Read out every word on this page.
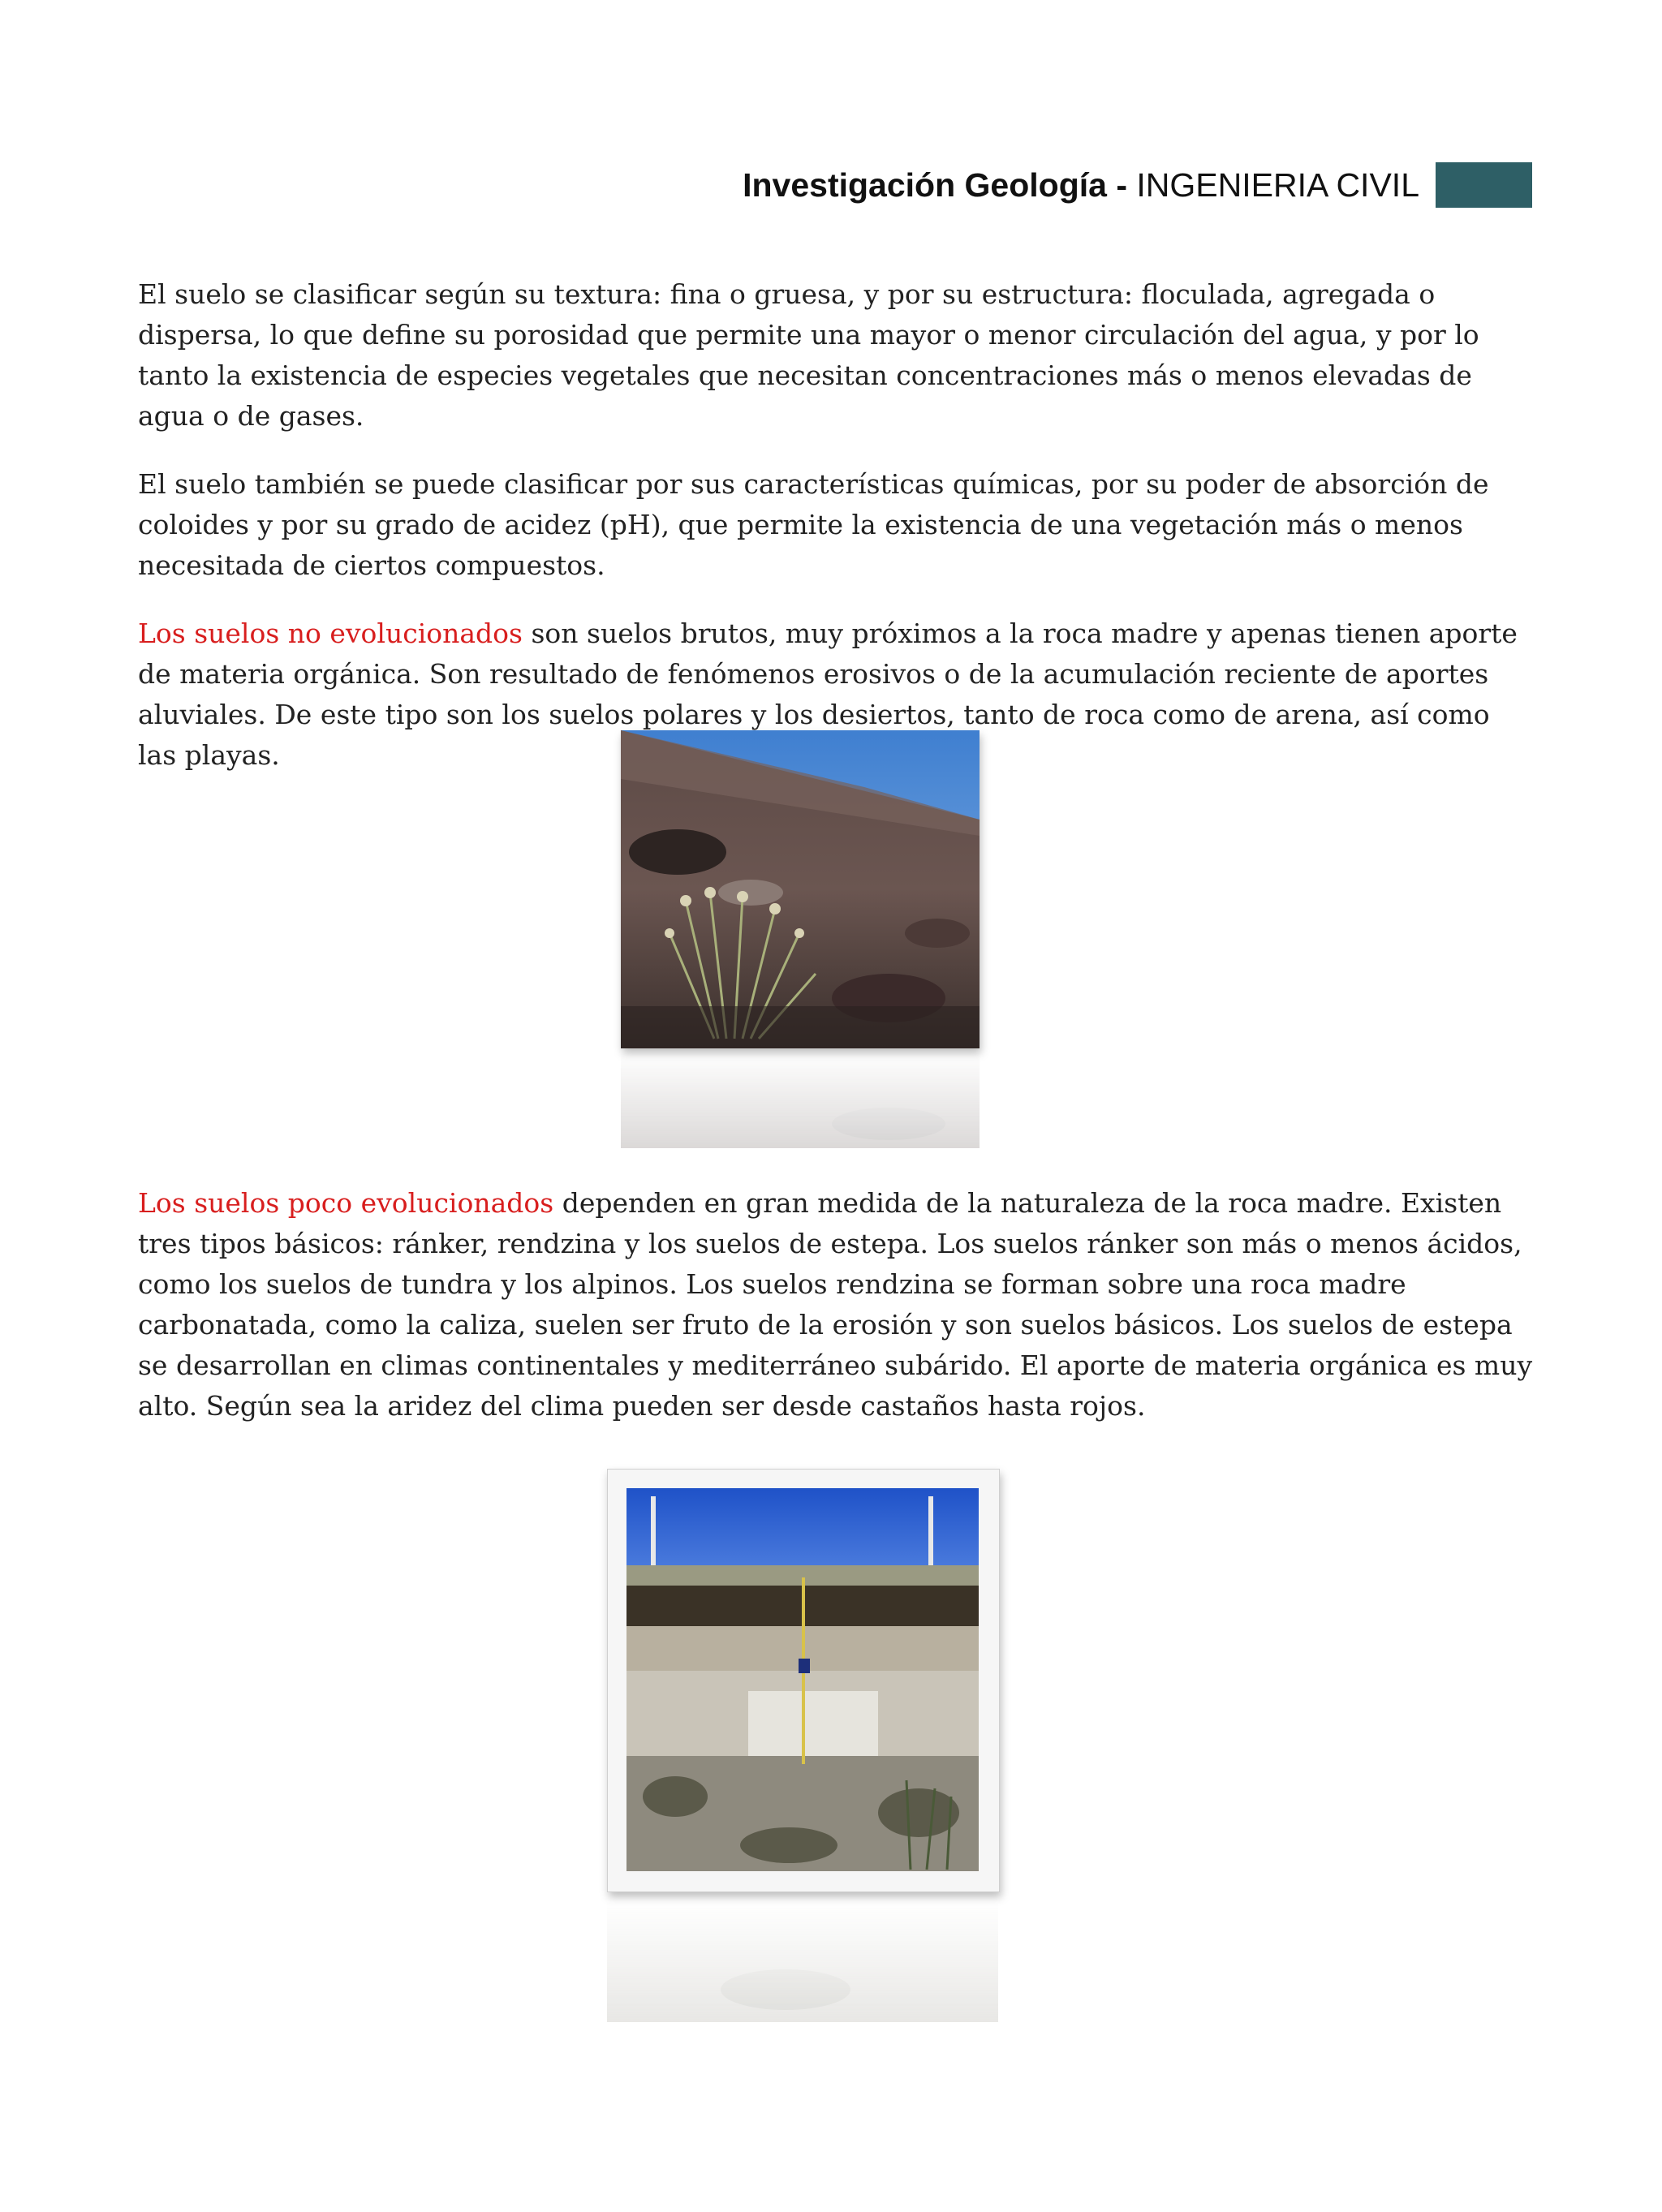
Investigación Geología - INGENIERIA CIVIL

El suelo se clasificar según su textura: fina o gruesa, y por su estructura: floculada, agregada o dispersa, lo que define su porosidad que permite una mayor o menor circulación del agua, y por lo tanto la existencia de especies vegetales que necesitan concentraciones más o menos elevadas de agua o de gases.

El suelo también se puede clasificar por sus características químicas, por su poder de absorción de coloides y por su grado de acidez (pH), que permite la existencia de una vegetación más o menos necesitada de ciertos compuestos.

Los suelos no evolucionados son suelos brutos, muy próximos a la roca madre y apenas tienen aporte de materia orgánica. Son resultado de fenómenos erosivos o de la acumulación reciente de aportes aluviales. De este tipo son los suelos polares y los desiertos, tanto de roca como de arena, así como las playas.

Los suelos poco evolucionados dependen en gran medida de la naturaleza de la roca madre. Existen tres tipos básicos: ránker, rendzina y los suelos de estepa. Los suelos ránker son más o menos ácidos, como los suelos de tundra y los alpinos. Los suelos rendzina se forman sobre una roca madre carbonatada, como la caliza, suelen ser fruto de la erosión y son suelos básicos. Los suelos de estepa se desarrollan en climas continentales y mediterráneo subárido. El aporte de materia orgánica es muy alto. Según sea la aridez del clima pueden ser desde castaños hasta rojos.
